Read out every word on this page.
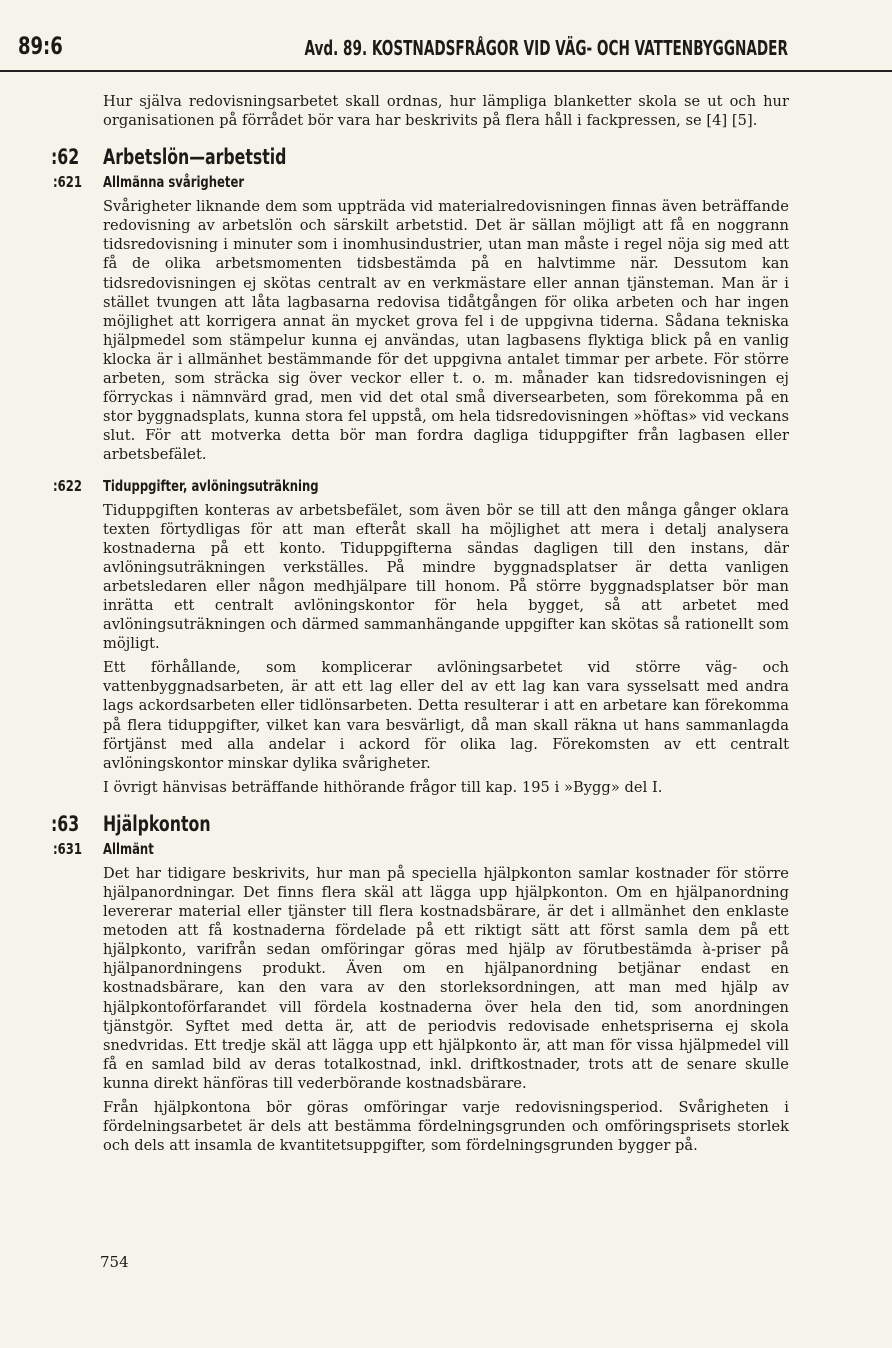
89:6	Avd. 89. KOSTNADSFRÅGOR VID VÄG- OCH VATTENBYGGNADER

Hur själva redovisningsarbetet skall ordnas, hur lämpliga blanketter skola se ut och hur organisationen på förrådet bör vara har beskrivits på flera håll i fackpressen, se [4] [5].

:62 Arbetslön—arbetstid
:621 Allmänna svårigheter

Svårigheter liknande dem som uppträda vid materialredovisningen finnas även beträffande redovisning av arbetslön och särskilt arbetstid. Det är sällan möjligt att få en noggrann tidsredovisning i minuter som i inomhusindustrier, utan man måste i regel nöja sig med att få de olika arbetsmomenten tidsbestämda på en halvtimme när. Dessutom kan tidsredovisningen ej skötas centralt av en verkmästare eller annan tjänsteman. Man är i stället tvungen att låta lagbasarna redovisa tidåtgången för olika arbeten och har ingen möjlighet att korrigera annat än mycket grova fel i de uppgivna tiderna. Sådana tekniska hjälpmedel som stämpelur kunna ej användas, utan lagbasens flyktiga blick på en vanlig klocka är i allmänhet bestämmande för det uppgivna antalet timmar per arbete. För större arbeten, som sträcka sig över veckor eller t. o. m. månader kan tidsredovisningen ej förryckas i nämnvärd grad, men vid det otal små diversearbeten, som förekomma på en stor byggnadsplats, kunna stora fel uppstå, om hela tidsredovisningen »höftas» vid veckans slut. För att motverka detta bör man fordra dagliga tiduppgifter från lagbasen eller arbetsbefälet.

:622 Tiduppgifter, avlöningsuträkning

Tiduppgiften konteras av arbetsbefälet, som även bör se till att den många gånger oklara texten förtydligas för att man efteråt skall ha möjlighet att mera i detalj analysera kostnaderna på ett konto. Tiduppgifterna sändas dagligen till den instans, där avlöningsuträkningen verkställes. På mindre byggnadsplatser är detta vanligen arbetsledaren eller någon medhjälpare till honom. På större byggnadsplatser bör man inrätta ett centralt avlöningskontor för hela bygget, så att arbetet med avlöningsuträkningen och därmed sammanhängande uppgifter kan skötas så rationellt som möjligt.

Ett förhållande, som komplicerar avlöningsarbetet vid större väg- och vattenbyggnadsarbeten, är att ett lag eller del av ett lag kan vara sysselsatt med andra lags ackordsarbeten eller tidlönsarbeten. Detta resulterar i att en arbetare kan förekomma på flera tiduppgifter, vilket kan vara besvärligt, då man skall räkna ut hans sammanlagda förtjänst med alla andelar i ackord för olika lag. Förekomsten av ett centralt avlöningskontor minskar dylika svårigheter.

I övrigt hänvisas beträffande hithörande frågor till kap. 195 i »Bygg» del I.

:63 Hjälpkonton
:631 Allmänt

Det har tidigare beskrivits, hur man på speciella hjälpkonton samlar kostnader för större hjälpanordningar. Det finns flera skäl att lägga upp hjälpkonton. Om en hjälpanordning levererar material eller tjänster till flera kostnadsbärare, är det i allmänhet den enklaste metoden att få kostnaderna fördelade på ett riktigt sätt att först samla dem på ett hjälpkonto, varifrån sedan omföringar göras med hjälp av förutbestämda à-priser på hjälpanordningens produkt. Även om en hjälpanordning betjänar endast en kostnadsbärare, kan den vara av den storleksordningen, att man med hjälp av hjälpkontoförfarandet vill fördela kostnaderna över hela den tid, som anordningen tjänstgör. Syftet med detta är, att de periodvis redovisade enhetspriserna ej skola snedvridas. Ett tredje skäl att lägga upp ett hjälpkonto är, att man för vissa hjälpmedel vill få en samlad bild av deras totalkostnad, inkl. driftkostnader, trots att de senare skulle kunna direkt hänföras till vederbörande kostnadsbärare.

Från hjälpkontona bör göras omföringar varje redovisningsperiod. Svårigheten i fördelningsarbetet är dels att bestämma fördelningsgrunden och omföringsprisets storlek och dels att insamla de kvantitetsuppgifter, som fördelningsgrunden bygger på.

754
